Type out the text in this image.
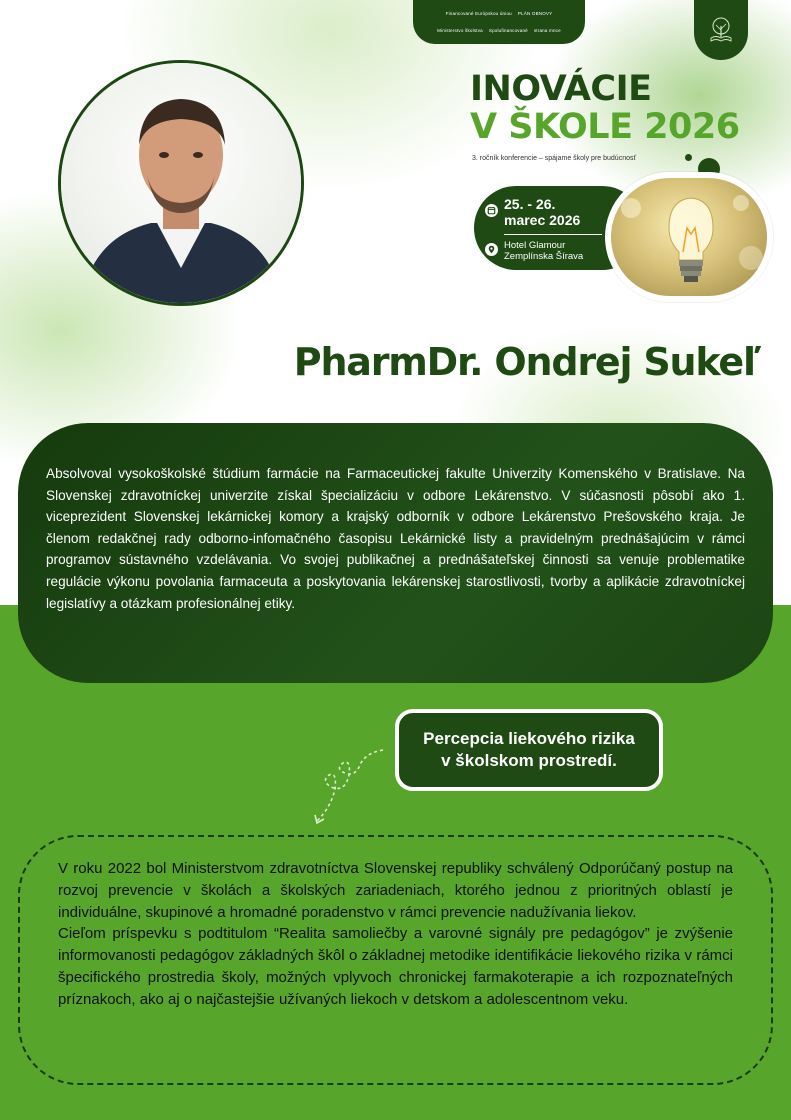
Financované Európskou úniou PLÁN OBNOVY
Ministerstvo školstva Spolufinancované strana mnce
INOVÁCIE
V ŠKOLE 2026
3. ročník konferencie – spájame školy pre budúcnosť
25. - 26.
marec 2026
Hotel Glamour
Zemplínska Šírava
PharmDr. Ondrej Sukeľ

Absolvoval vysokoškolské štúdium farmácie na Farmaceutickej fakulte Univerzity Komenského v Bratislave. Na Slovenskej zdravotníckej univerzite získal špecializáciu v odbore Lekárenstvo. V súčasnosti pôsobí ako 1. viceprezident Slovenskej lekárnickej komory a krajský odborník v odbore Lekárenstvo Prešovského kraja. Je členom redakčnej rady odborno-infomačného časopisu Lekárnické listy a pravidelným prednášajúcim v rámci programov sústavného vzdelávania. Vo svojej publikačnej a prednášateľskej činnosti sa venuje problematike regulácie výkonu povolania farmaceuta a poskytovania lekárenskej starostlivosti, tvorby a aplikácie zdravotníckej legislatívy a otázkam profesionálnej etiky.

Percepcia liekového rizika
v školskom prostredí.

V roku 2022 bol Ministerstvom zdravotníctva Slovenskej republiky schválený Odporúčaný postup na rozvoj prevencie v školách a školských zariadeniach, ktorého jednou z prioritných oblastí je individuálne, skupinové a hromadné poradenstvo v rámci prevencie nadužívania liekov.

Cieľom príspevku s podtitulom “Realita samoliečby a varovné signály pre pedagógov” je zvýšenie informovanosti pedagógov základných škôl o základnej metodike identifikácie liekového rizika v rámci špecifického prostredia školy, možných vplyvoch chronickej farmakoterapie a ich rozpoznateľných príznakoch, ako aj o najčastejšie užívaných liekoch v detskom a adolescentnom veku.
